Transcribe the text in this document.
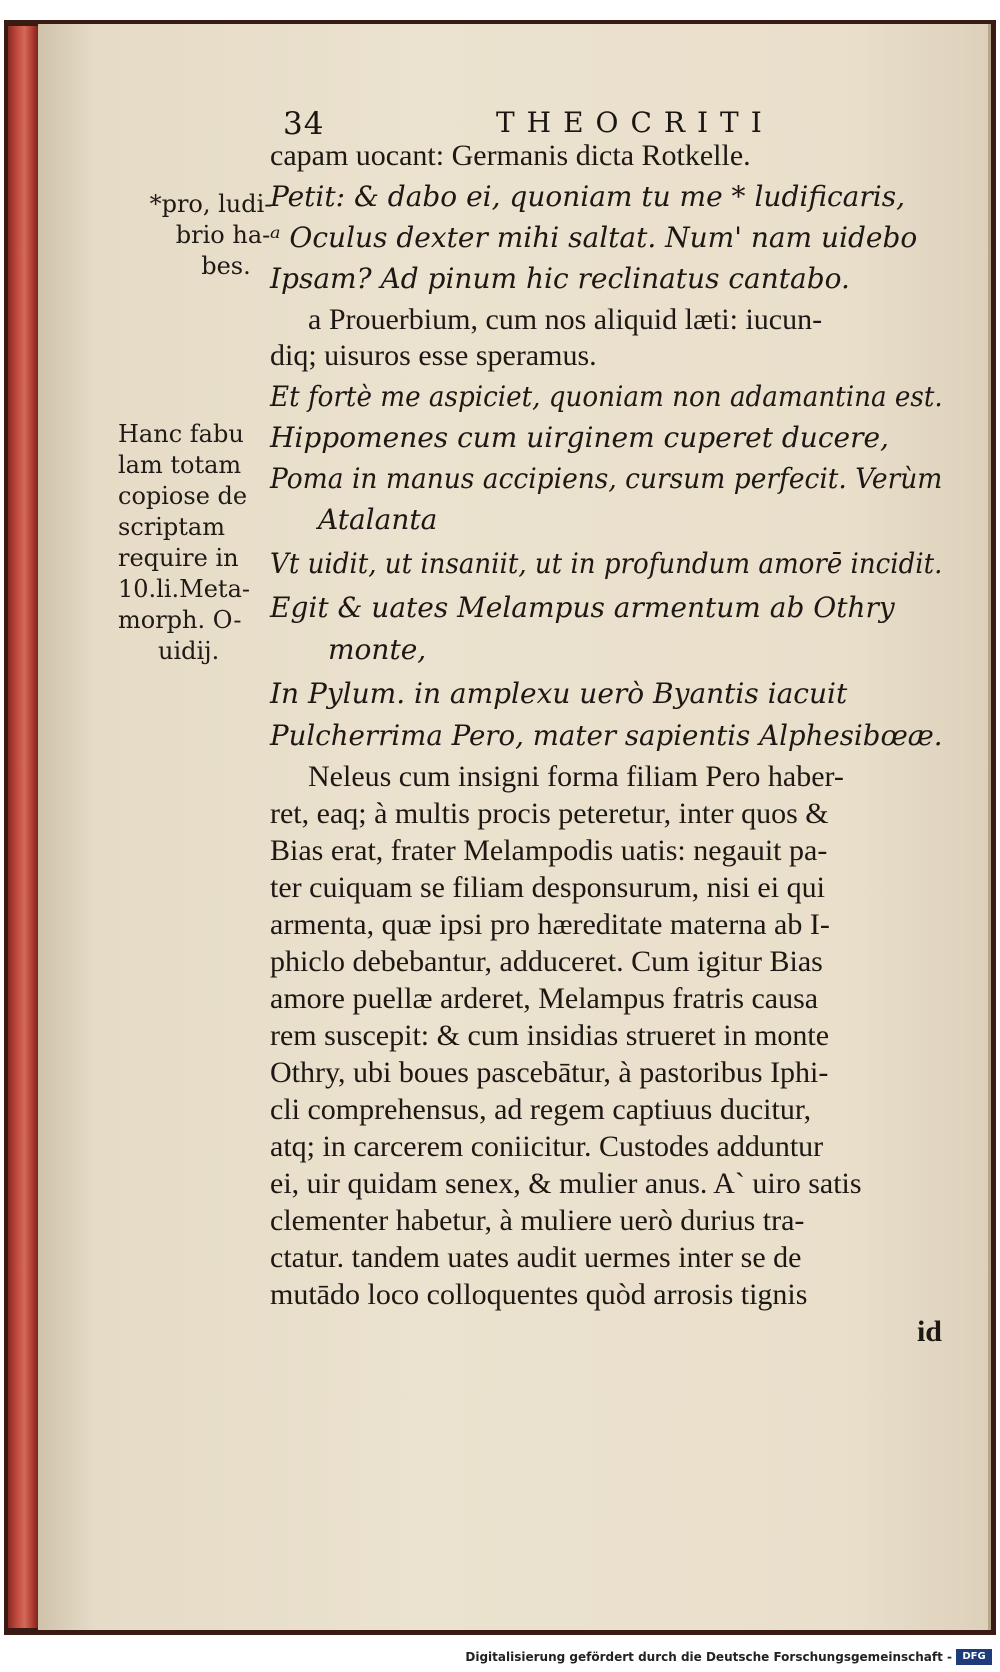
34	THEOCRITI
*pro, ludi-
brio ha-
bes.
Hanc fabu
lam totam
copiose de
scriptam
require in
10.li.Meta-
morph. O-
uidij.
capam uocant: Germanis dicta Rotkelle.
Petit: & dabo ei, quoniam tu me * ludificaris,
ᵃ Oculus dexter mihi saltat. Num' nam uidebo
Ipsam? Ad pinum hic reclinatus cantabo.
a Prouerbium, cum nos aliquid læti: iucun-
diq; uisuros esse speramus.
Et fortè me aspiciet, quoniam non adamantina est.
Hippomenes cum uirginem cuperet ducere,
Poma in manus accipiens, cursum perfecit. Verùm
Atalanta
Vt uidit, ut insaniit, ut in profundum amorē incidit.
Egit & uates Melampus armentum ab Othry
monte,
In Pylum. in amplexu uerò Byantis iacuit
Pulcherrima Pero, mater sapientis Alphesibœæ.
Neleus cum insigni forma filiam Pero haber-
ret, eaq; à multis procis peteretur, inter quos &
Bias erat, frater Melampodis uatis: negauit pa-
ter cuiquam se filiam desponsurum, nisi ei qui
armenta, quæ ipsi pro hæreditate materna ab I-
phiclo debebantur, adduceret. Cum igitur Bias
amore puellæ arderet, Melampus fratris causa
rem suscepit: & cum insidias strueret in monte
Othry, ubi boues pascebātur, à pastoribus Iphi-
cli comprehensus, ad regem captiuus ducitur,
atq; in carcerem coniicitur. Custodes adduntur
ei, uir quidam senex, & mulier anus. A` uiro satis
clementer habetur, à muliere uerò durius tra-
ctatur. tandem uates audit uermes inter se de
mutādo loco colloquentes quòd arrosis tignis
id
Digitalisierung gefördert durch die Deutsche Forschungsgemeinschaft -	DFG
